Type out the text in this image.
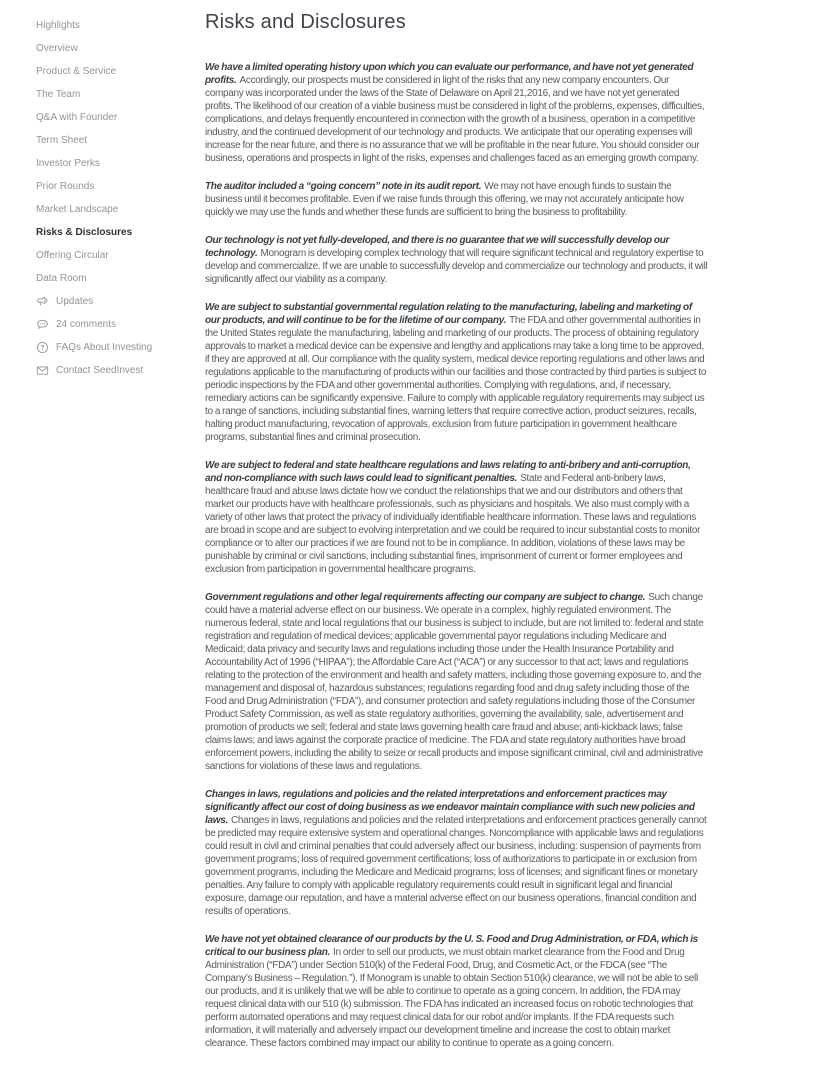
Highlights
Overview
Product & Service
The Team
Q&A with Founder
Term Sheet
Investor Perks
Prior Rounds
Market Landscape
Risks & Disclosures
Offering Circular
Data Room
Updates
24 comments
? FAQs About Investing
Contact SeedInvest
Risks and Disclosures

We have a limited operating history upon which you can evaluate our performance, and have not yet generated profits. Accordingly, our prospects must be considered in light of the risks that any new company encounters. Our company was incorporated under the laws of the State of Delaware on April 21,2016, and we have not yet generated profits. The likelihood of our creation of a viable business must be considered in light of the problems, expenses, difficulties, complications, and delays frequently encountered in connection with the growth of a business, operation in a competitive industry, and the continued development of our technology and products. We anticipate that our operating expenses will increase for the near future, and there is no assurance that we will be profitable in the near future. You should consider our business, operations and prospects in light of the risks, expenses and challenges faced as an emerging growth company.

The auditor included a “going concern” note in its audit report. We may not have enough funds to sustain the business until it becomes profitable. Even if we raise funds through this offering, we may not accurately anticipate how quickly we may use the funds and whether these funds are sufficient to bring the business to profitability.

Our technology is not yet fully-developed, and there is no guarantee that we will successfully develop our technology. Monogram is developing complex technology that will require significant technical and regulatory expertise to develop and commercialize. If we are unable to successfully develop and commercialize our technology and products, it will significantly affect our viability as a company.

We are subject to substantial governmental regulation relating to the manufacturing, labeling and marketing of our products, and will continue to be for the lifetime of our company. The FDA and other governmental authorities in the United States regulate the manufacturing, labeling and marketing of our products. The process of obtaining regulatory approvals to market a medical device can be expensive and lengthy and applications may take a long time to be approved, if they are approved at all. Our compliance with the quality system, medical device reporting regulations and other laws and regulations applicable to the manufacturing of products within our facilities and those contracted by third parties is subject to periodic inspections by the FDA and other governmental authorities. Complying with regulations, and, if necessary, remediary actions can be significantly expensive. Failure to comply with applicable regulatory requirements may subject us to a range of sanctions, including substantial fines, warning letters that require corrective action, product seizures, recalls, halting product manufacturing, revocation of approvals, exclusion from future participation in government healthcare programs, substantial fines and criminal prosecution.

We are subject to federal and state healthcare regulations and laws relating to anti-bribery and anti-corruption, and non-compliance with such laws could lead to significant penalties. State and Federal anti-bribery laws, healthcare fraud and abuse laws dictate how we conduct the relationships that we and our distributors and others that market our products have with healthcare professionals, such as physicians and hospitals. We also must comply with a variety of other laws that protect the privacy of individually identifiable healthcare information. These laws and regulations are broad in scope and are subject to evolving interpretation and we could be required to incur substantial costs to monitor compliance or to alter our practices if we are found not to be in compliance. In addition, violations of these laws may be punishable by criminal or civil sanctions, including substantial fines, imprisonment of current or former employees and exclusion from participation in governmental healthcare programs.

Government regulations and other legal requirements affecting our company are subject to change. Such change could have a material adverse effect on our business. We operate in a complex, highly regulated environment. The numerous federal, state and local regulations that our business is subject to include, but are not limited to: federal and state registration and regulation of medical devices; applicable governmental payor regulations including Medicare and Medicaid; data privacy and security laws and regulations including those under the Health Insurance Portability and Accountability Act of 1996 (“HIPAA”); the Affordable Care Act (“ACA”) or any successor to that act; laws and regulations relating to the protection of the environment and health and safety matters, including those governing exposure to, and the management and disposal of, hazardous substances; regulations regarding food and drug safety including those of the Food and Drug Administration (“FDA”), and consumer protection and safety regulations including those of the Consumer Product Safety Commission, as well as state regulatory authorities, governing the availability, sale, advertisement and promotion of products we sell; federal and state laws governing health care fraud and abuse; anti-kickback laws; false claims laws; and laws against the corporate practice of medicine. The FDA and state regulatory authorities have broad enforcement powers, including the ability to seize or recall products and impose significant criminal, civil and administrative sanctions for violations of these laws and regulations.

Changes in laws, regulations and policies and the related interpretations and enforcement practices may significantly affect our cost of doing business as we endeavor maintain compliance with such new policies and laws. Changes in laws, regulations and policies and the related interpretations and enforcement practices generally cannot be predicted may require extensive system and operational changes. Noncompliance with applicable laws and regulations could result in civil and criminal penalties that could adversely affect our business, including: suspension of payments from government programs; loss of required government certifications; loss of authorizations to participate in or exclusion from government programs, including the Medicare and Medicaid programs; loss of licenses; and significant fines or monetary penalties. Any failure to comply with applicable regulatory requirements could result in significant legal and financial exposure, damage our reputation, and have a material adverse effect on our business operations, financial condition and results of operations.

We have not yet obtained clearance of our products by the U. S. Food and Drug Administration, or FDA, which is critical to our business plan. In order to sell our products, we must obtain market clearance from the Food and Drug Administration (“FDA”) under Section 510(k) of the Federal Food, Drug, and Cosmetic Act, or the FDCA (see “The Company’s Business – Regulation.”). If Monogram is unable to obtain Section 510(k) clearance, we will not be able to sell our products, and it is unlikely that we will be able to continue to operate as a going concern. In addition, the FDA may request clinical data with our 510 (k) submission. The FDA has indicated an increased focus on robotic technologies that perform automated operations and may request clinical data for our robot and/or implants. If the FDA requests such information, it will materially and adversely impact our development timeline and increase the cost to obtain market clearance. These factors combined may impact our ability to continue to operate as a going concern.
